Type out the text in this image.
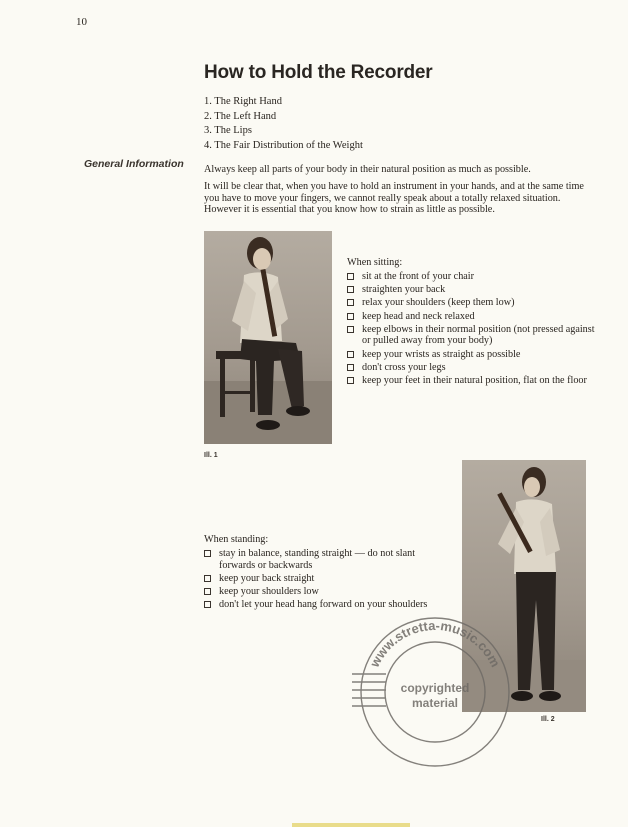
10
How to Hold the Recorder
1. The Right Hand
2. The Left Hand
3. The Lips
4. The Fair Distribution of the Weight
General Information Always keep all parts of your body in their natural position as much as possible.

It will be clear that, when you have to hold an instrument in your hands, and at the same time you have to move your fingers, we cannot really speak about a totally relaxed situation. However it is essential that you know how to strain as little as possible.

Ill. 1
When sitting:
sit at the front of your chair
straighten your back
relax your shoulders (keep them low)
keep head and neck relaxed
keep elbows in their normal position (not pressed against or pulled away from your body)
keep your wrists as straight as possible
don't cross your legs
keep your feet in their natural position, flat on the floor
When standing:
stay in balance, standing straight — do not slant forwards or backwards
keep your back straight
keep your shoulders low
don't let your head hang forward on your shoulders
Ill. 2
www.stretta-music.com
copyrighted
material
